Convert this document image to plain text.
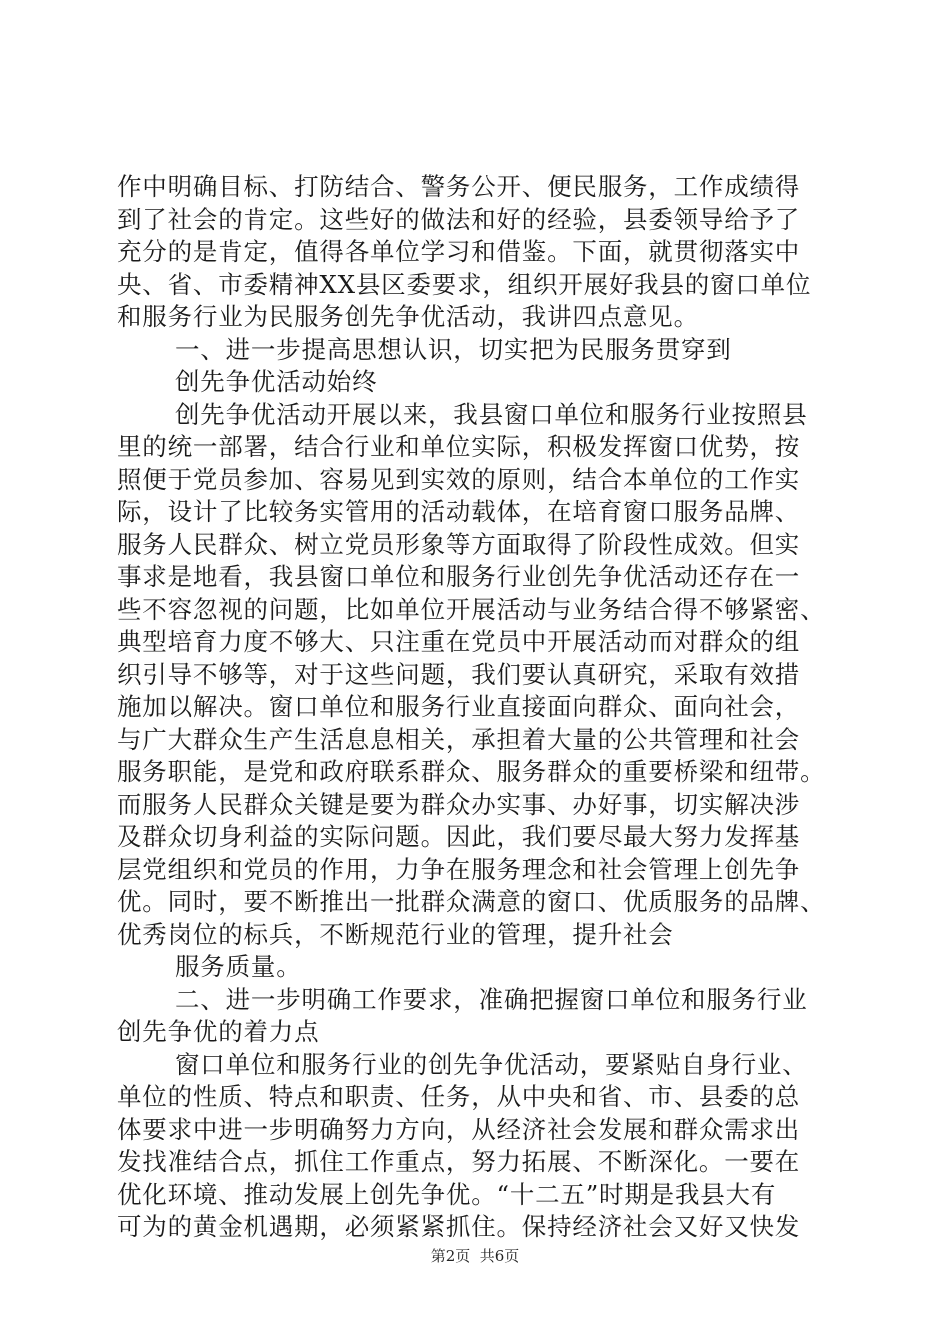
作中明确目标、打防结合、警务公开、便民服务，工作成绩得
到了社会的肯定。这些好的做法和好的经验，县委领导给予了
充分的是肯定，值得各单位学习和借鉴。下面，就贯彻落实中
央、省、市委精神XX县区委要求，组织开展好我县的窗口单位
和服务行业为民服务创先争优活动，我讲四点意见。
一、进一步提高思想认识，切实把为民服务贯穿到
创先争优活动始终
创先争优活动开展以来，我县窗口单位和服务行业按照县
里的统一部署，结合行业和单位实际，积极发挥窗口优势，按
照便于党员参加、容易见到实效的原则，结合本单位的工作实
际，设计了比较务实管用的活动载体，在培育窗口服务品牌、
服务人民群众、树立党员形象等方面取得了阶段性成效。但实
事求是地看，我县窗口单位和服务行业创先争优活动还存在一
些不容忽视的问题，比如单位开展活动与业务结合得不够紧密、
典型培育力度不够大、只注重在党员中开展活动而对群众的组
织引导不够等，对于这些问题，我们要认真研究，采取有效措
施加以解决。窗口单位和服务行业直接面向群众、面向社会，
与广大群众生产生活息息相关，承担着大量的公共管理和社会
服务职能，是党和政府联系群众、服务群众的重要桥梁和纽带。
而服务人民群众关键是要为群众办实事、办好事，切实解决涉
及群众切身利益的实际问题。因此，我们要尽最大努力发挥基
层党组织和党员的作用，力争在服务理念和社会管理上创先争
优。同时，要不断推出一批群众满意的窗口、优质服务的品牌、
优秀岗位的标兵，不断规范行业的管理，提升社会
服务质量。
二、进一步明确工作要求，准确把握窗口单位和服务行业
创先争优的着力点
窗口单位和服务行业的创先争优活动，要紧贴自身行业、
单位的性质、特点和职责、任务，从中央和省、市、县委的总
体要求中进一步明确努力方向，从经济社会发展和群众需求出
发找准结合点，抓住工作重点，努力拓展、不断深化。一要在
优化环境、推动发展上创先争优。“十二五”时期是我县大有
可为的黄金机遇期，必须紧紧抓住。保持经济社会又好又快发
第2页  共6页
